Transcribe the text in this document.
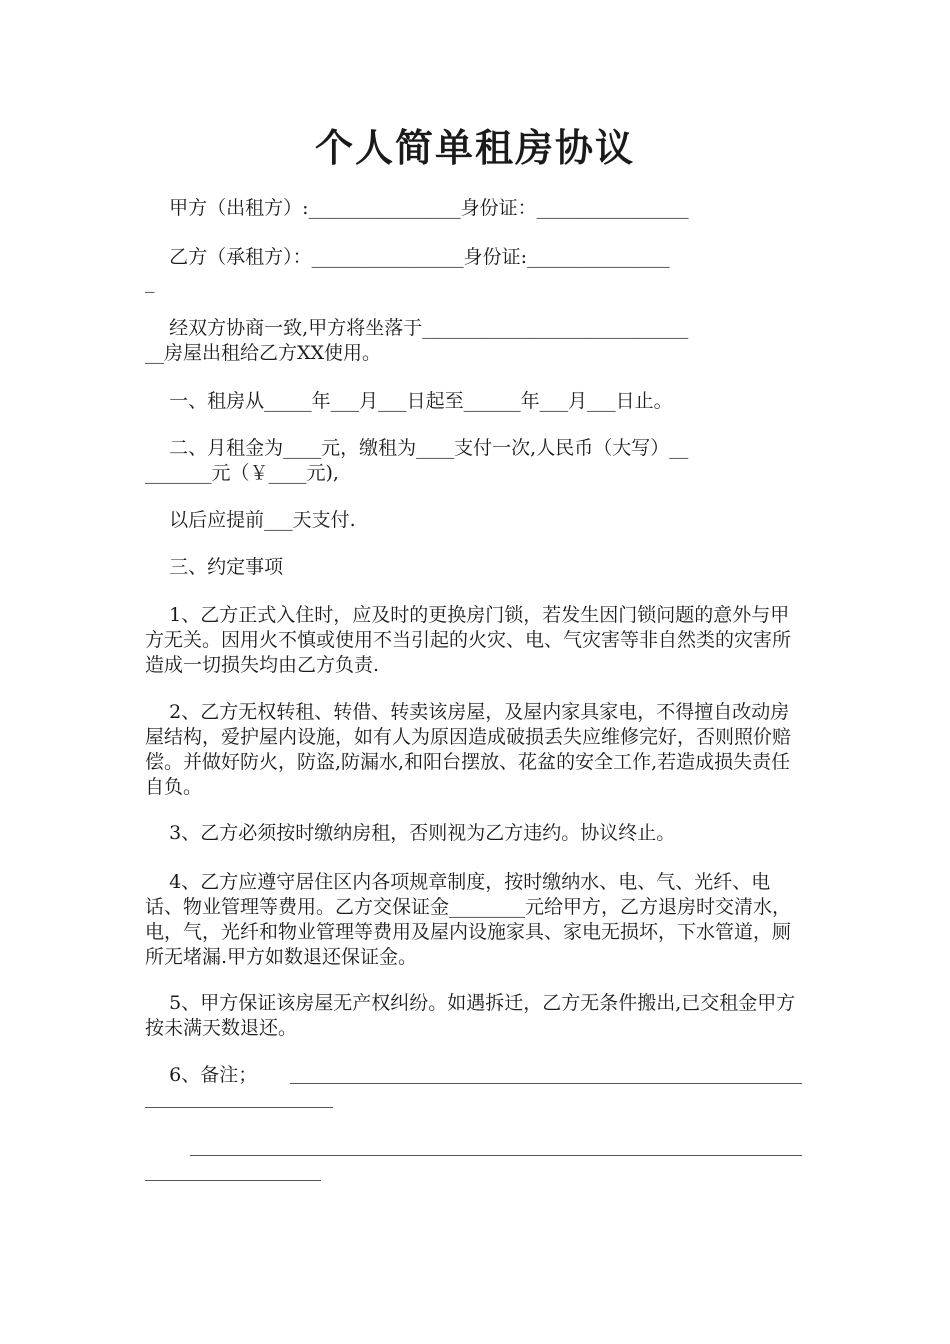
个人简单租房协议
甲方（出租方）:________________身份证：________________
乙方（承租方）：________________身份证:_______________
_
经双方协商一致,甲方将坐落于____________________________
__房屋出租给乙方XX使用。
一、租房从_____年___月___日起至______年___月___日止。
二、月租金为____元，缴租为____支付一次,人民币（大写）__
_______元（￥____元),
以后应提前___天支付.
三、约定事项
1、乙方正式入住时，应及时的更换房门锁，若发生因门锁问题的意外与甲方无关。因用火不慎或使用不当引起的火灾、电、气灾害等非自然类的灾害所造成一切损失均由乙方负责.
2、乙方无权转租、转借、转卖该房屋，及屋内家具家电，不得擅自改动房屋结构，爱护屋内设施，如有人为原因造成破损丢失应维修完好，否则照价赔偿。并做好防火，防盗,防漏水,和阳台摆放、花盆的安全工作,若造成损失责任自负。
3、乙方必须按时缴纳房租，否则视为乙方违约。协议终止。
4、乙方应遵守居住区内各项规章制度，按时缴纳水、电、气、光纤、电话、物业管理等费用。乙方交保证金________元给甲方，乙方退房时交清水，电，气，光纤和物业管理等费用及屋内设施家具、家电无损坏，下水管道，厕所无堵漏.甲方如数退还保证金。
5、甲方保证该房屋无产权纠纷。如遇拆迁，乙方无条件搬出,已交租金甲方按未满天数退还。
6、备注；
